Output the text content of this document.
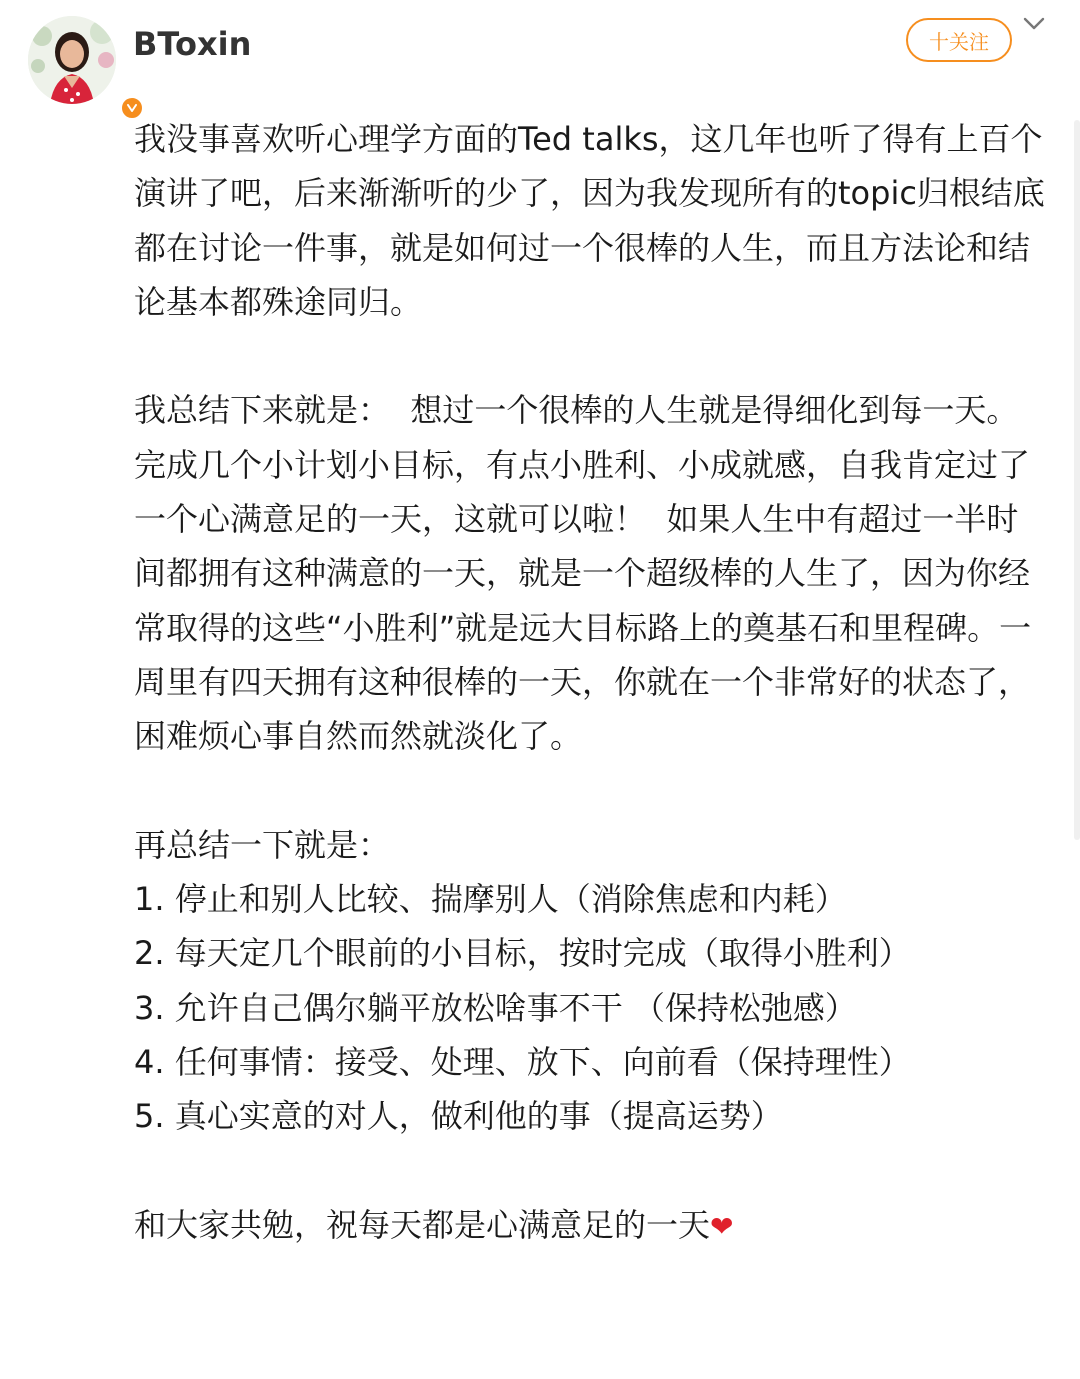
BToxin	十关注

我没事喜欢听心理学方面的Ted talks，这几年也听了得有上百个演讲了吧，后来渐渐听的少了，因为我发现所有的topic归根结底都在讨论一件事，就是如何过一个很棒的人生，而且方法论和结论基本都殊途同归。

我总结下来就是：  想过一个很棒的人生就是得细化到每一天。完成几个小计划小目标，有点小胜利、小成就感，自我肯定过了一个心满意足的一天，这就可以啦！  如果人生中有超过一半时间都拥有这种满意的一天，就是一个超级棒的人生了，因为你经常取得的这些“小胜利”就是远大目标路上的奠基石和里程碑。一周里有四天拥有这种很棒的一天，你就在一个非常好的状态了，困难烦心事自然而然就淡化了。

再总结一下就是：

1. 停止和别人比较、揣摩别人（消除焦虑和内耗）

2. 每天定几个眼前的小目标，按时完成（取得小胜利）

3. 允许自己偶尔躺平放松啥事不干 （保持松弛感）

4. 任何事情：接受、处理、放下、向前看（保持理性）

5. 真心实意的对人，做利他的事（提高运势）

和大家共勉，祝每天都是心满意足的一天❤
